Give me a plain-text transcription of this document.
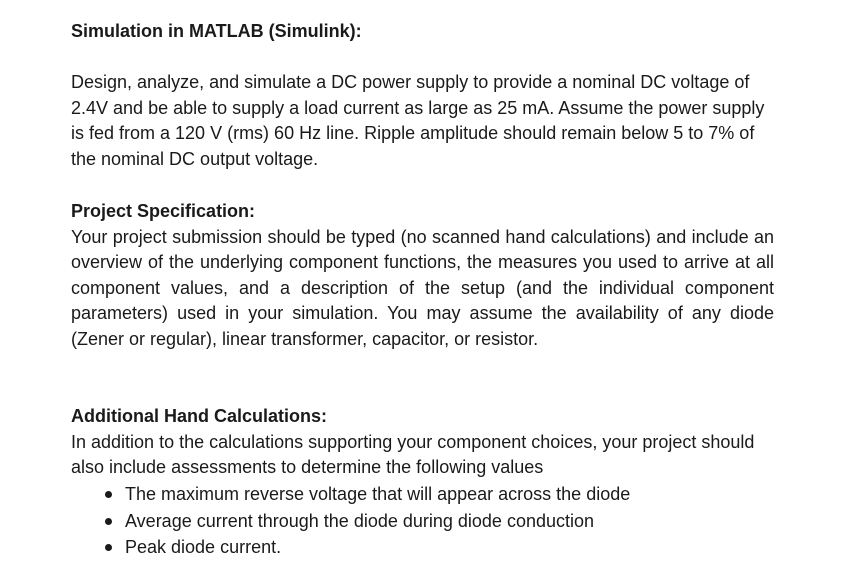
Simulation in MATLAB (Simulink):

Design, analyze, and simulate a DC power supply to provide a nominal DC voltage of 2.4V and be able to supply a load current as large as 25 mA. Assume the power supply is fed from a 120 V (rms) 60 Hz line. Ripple amplitude should remain below 5 to 7% of the nominal DC output voltage.

Project Specification:
Your project submission should be typed (no scanned hand calculations) and include an overview of the underlying component functions, the measures you used to arrive at all component values, and a description of the setup (and the individual component parameters) used in your simulation. You may assume the availability of any diode (Zener or regular), linear transformer, capacitor, or resistor.
Additional Hand Calculations:
In addition to the calculations supporting your component choices, your project should also include assessments to determine the following values
The maximum reverse voltage that will appear across the diode
Average current through the diode during diode conduction
Peak diode current.
